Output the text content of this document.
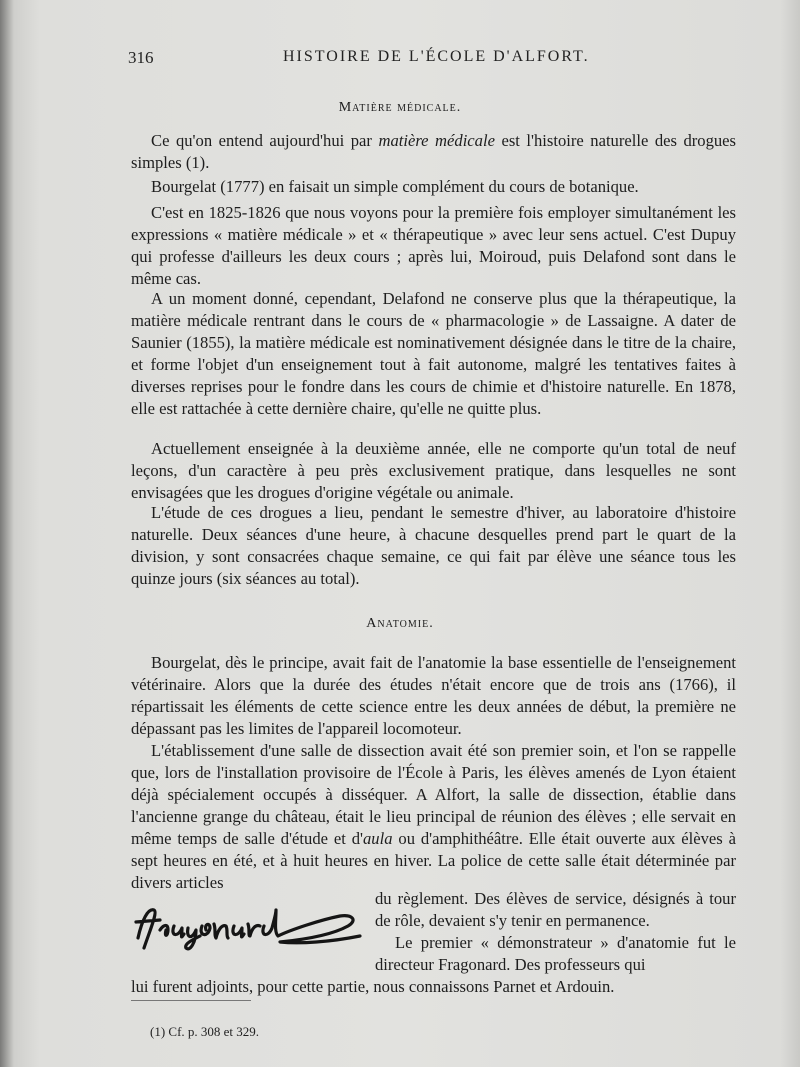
316	HISTOIRE DE L'ÉCOLE D'ALFORT.
Matière médicale.

Ce qu'on entend aujourd'hui par matière médicale est l'histoire naturelle des drogues simples (1).

Bourgelat (1777) en faisait un simple complément du cours de botanique.

C'est en 1825-1826 que nous voyons pour la première fois employer simultanément les expressions « matière médicale » et « thérapeutique » avec leur sens actuel. C'est Dupuy qui professe d'ailleurs les deux cours ; après lui, Moiroud, puis Delafond sont dans le même cas.

A un moment donné, cependant, Delafond ne conserve plus que la thérapeutique, la matière médicale rentrant dans le cours de « pharmacologie » de Lassaigne. A dater de Saunier (1855), la matière médicale est nominativement désignée dans le titre de la chaire, et forme l'objet d'un enseignement tout à fait autonome, malgré les tentatives faites à diverses reprises pour le fondre dans les cours de chimie et d'histoire naturelle. En 1878, elle est rattachée à cette dernière chaire, qu'elle ne quitte plus.

Actuellement enseignée à la deuxième année, elle ne comporte qu'un total de neuf leçons, d'un caractère à peu près exclusivement pratique, dans lesquelles ne sont envisagées que les drogues d'origine végétale ou animale.

L'étude de ces drogues a lieu, pendant le semestre d'hiver, au laboratoire d'histoire naturelle. Deux séances d'une heure, à chacune desquelles prend part le quart de la division, y sont consacrées chaque semaine, ce qui fait par élève une séance tous les quinze jours (six séances au total).

Anatomie.

Bourgelat, dès le principe, avait fait de l'anatomie la base essentielle de l'enseignement vétérinaire. Alors que la durée des études n'était encore que de trois ans (1766), il répartissait les éléments de cette science entre les deux années de début, la première ne dépassant pas les limites de l'appareil locomoteur.

L'établissement d'une salle de dissection avait été son premier soin, et l'on se rappelle que, lors de l'installation provisoire de l'École à Paris, les élèves amenés de Lyon étaient déjà spécialement occupés à disséquer. A Alfort, la salle de dissection, établie dans l'ancienne grange du château, était le lieu principal de réunion des élèves ; elle servait en même temps de salle d'étude et d'aula ou d'amphithéâtre. Elle était ouverte aux élèves à sept heures en été, et à huit heures en hiver. La police de cette salle était déterminée par divers articles

du règlement. Des élèves de service, désignés à tour de rôle, devaient s'y tenir en permanence.

Le premier « démonstrateur » d'anatomie fut le directeur Fragonard. Des professeurs qui

lui furent adjoints, pour cette partie, nous connaissons Parnet et Ardouin.

(1) Cf. p. 308 et 329.
